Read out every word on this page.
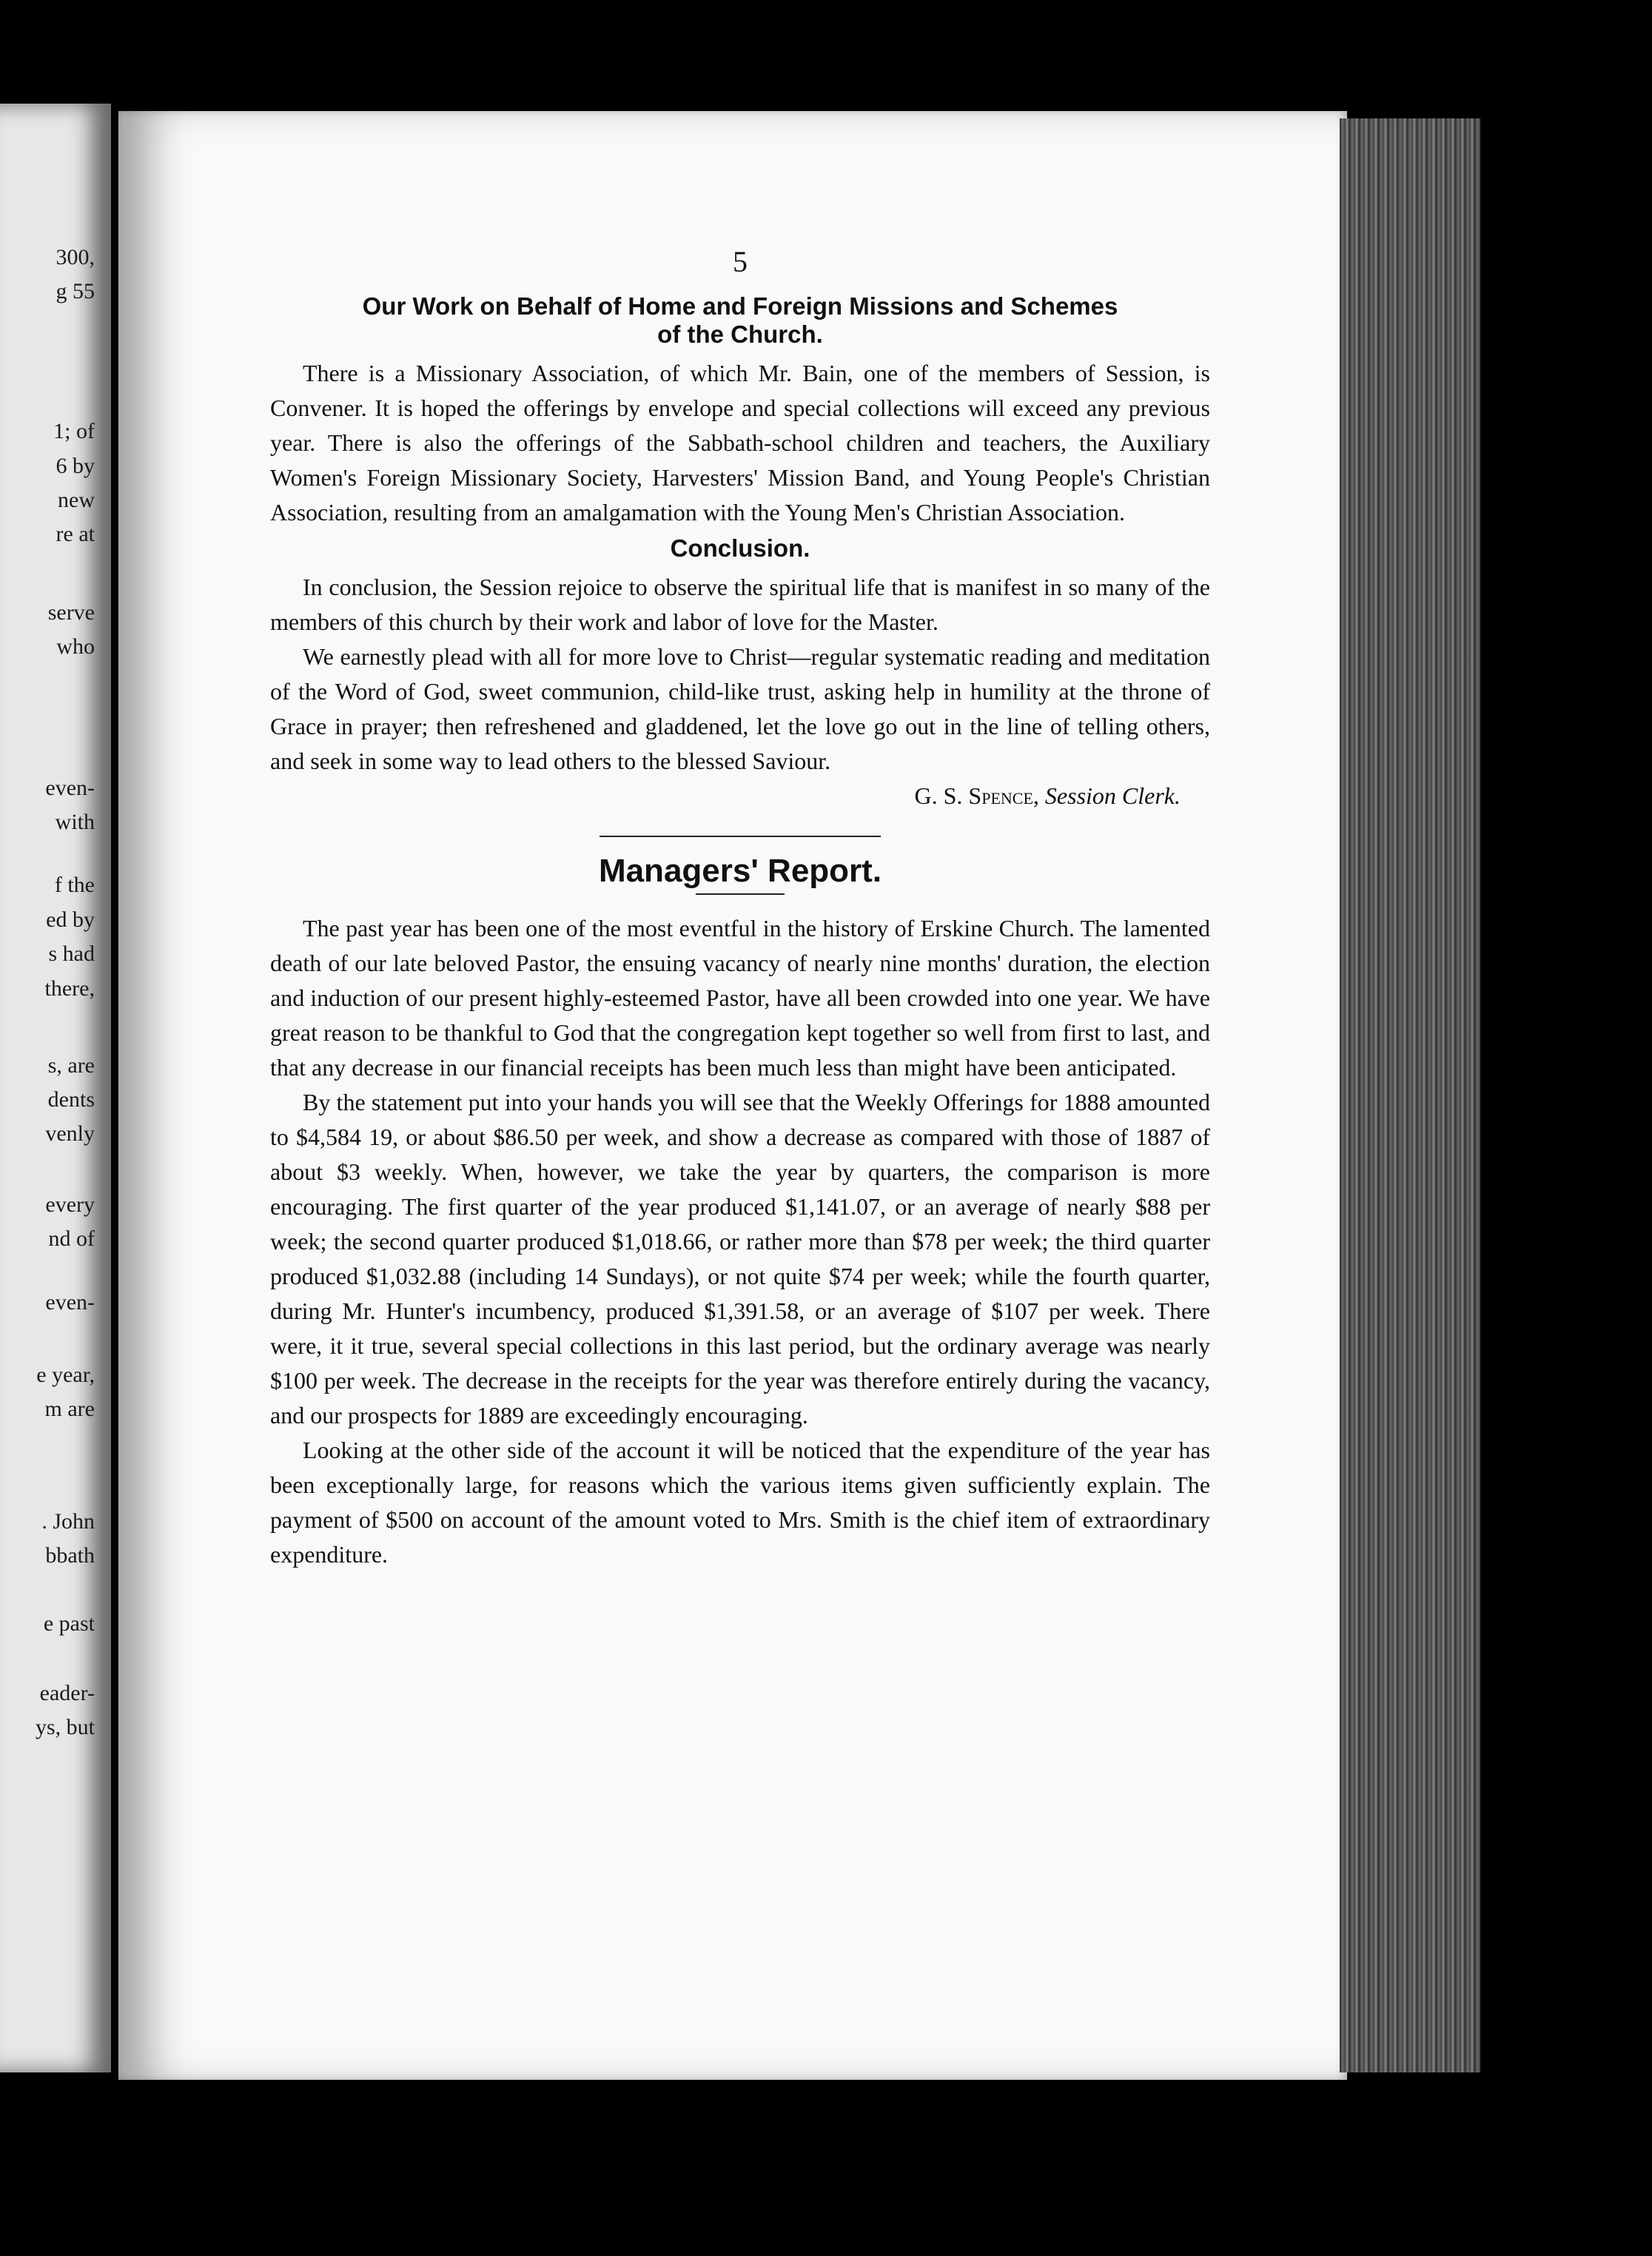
300,
g 55
1; of
6 by
new
re at
serve
who
even-
with
f the
ed by
s had
there,
s, are
dents
venly
every
nd of
even-
e year,
m are
. John
bbath
e past
eader-
ys, but
5
Our Work on Behalf of Home and Foreign Missions and Schemes
of the Church.

There is a Missionary Association, of which Mr. Bain, one of the members of Session, is Convener. It is hoped the offerings by envelope and special collections will exceed any previous year. There is also the offerings of the Sabbath-school children and teachers, the Auxiliary Women's Foreign Missionary Society, Harvesters' Mission Band, and Young People's Christian Association, resulting from an amalgamation with the Young Men's Christian Association.

Conclusion.

In conclusion, the Session rejoice to observe the spiritual life that is manifest in so many of the members of this church by their work and labor of love for the Master.

We earnestly plead with all for more love to Christ—regular systematic reading and meditation of the Word of God, sweet communion, child-like trust, asking help in humility at the throne of Grace in prayer; then refreshened and gladdened, let the love go out in the line of telling others, and seek in some way to lead others to the blessed Saviour.

G. S. Spence, Session Clerk.
Managers' Report.

The past year has been one of the most eventful in the history of Erskine Church. The lamented death of our late beloved Pastor, the ensuing vacancy of nearly nine months' duration, the election and induction of our present highly-esteemed Pastor, have all been crowded into one year. We have great reason to be thankful to God that the congregation kept together so well from first to last, and that any decrease in our financial receipts has been much less than might have been anticipated.

By the statement put into your hands you will see that the Weekly Offerings for 1888 amounted to $4,584 19, or about $86.50 per week, and show a decrease as compared with those of 1887 of about $3 weekly. When, however, we take the year by quarters, the comparison is more encouraging. The first quarter of the year produced $1,141.07, or an average of nearly $88 per week; the second quarter produced $1,018.66, or rather more than $78 per week; the third quarter produced $1,032.88 (including 14 Sundays), or not quite $74 per week; while the fourth quarter, during Mr. Hunter's incumbency, produced $1,391.58, or an average of $107 per week. There were, it it true, several special collections in this last period, but the ordinary average was nearly $100 per week. The decrease in the receipts for the year was therefore entirely during the vacancy, and our prospects for 1889 are exceedingly encouraging.

Looking at the other side of the account it will be noticed that the expenditure of the year has been exceptionally large, for reasons which the various items given sufficiently explain. The payment of $500 on account of the amount voted to Mrs. Smith is the chief item of extraordinary expenditure.
